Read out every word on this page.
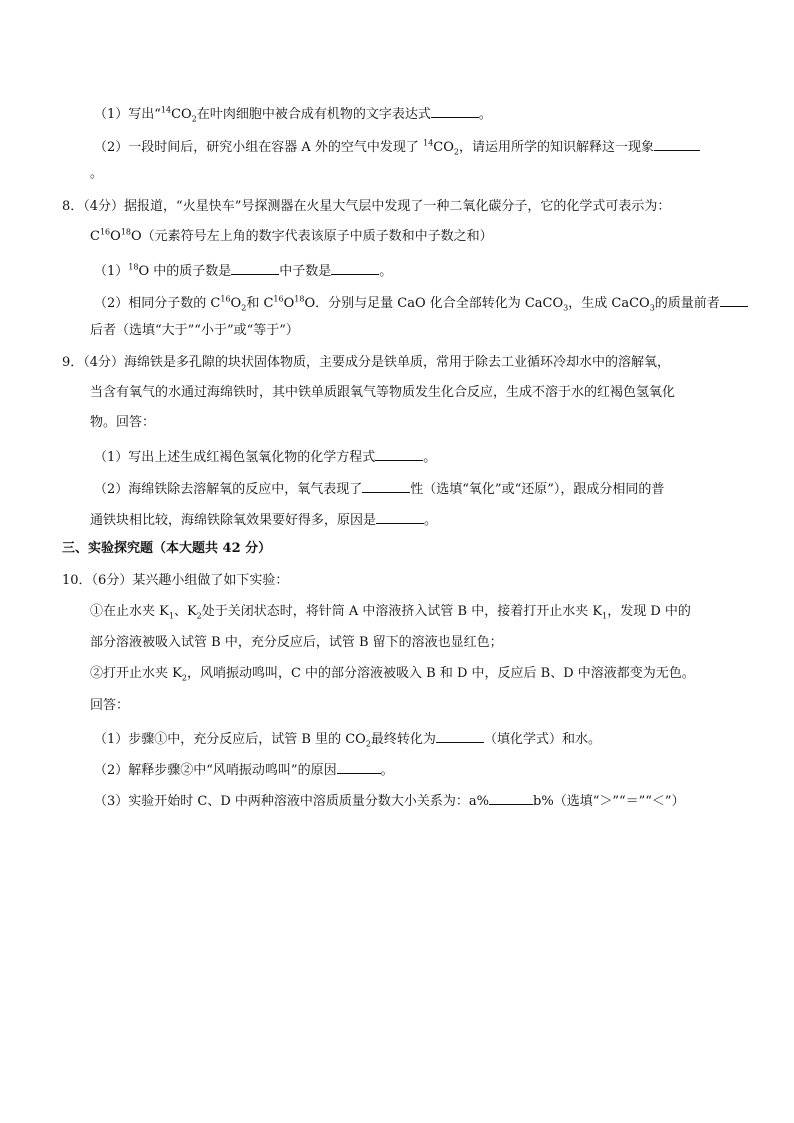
（1）写出“$^{14}CO_2$在叶肉细胞中被合成有机物的文字表达式	。
（2）一段时间后，研究小组在容器 A 外的空气中发现了 $^{14}CO_2$，请运用所学的知识解释这一现象
。
8．（4分）据报道，“火星快车”号探测器在火星大气层中发现了一种二氧化碳分子，它的化学式可表示为：
$C^{16}O^{18}O$（元素符号左上角的数字代表该原子中质子数和中子数之和）
$(1)^{18}O$ 中的质子数是	中子数是	。
（2）相同分子数的 $C^{16}O_2$和 $C^{16}O^{18}O$．分别与足量 CaO 化合全部转化为 CaCO$_3$，生成 CaCO$_3$的质量前者
后者（选填“大于”“小于”或“等于”）
9．（4分）海绵铁是多孔隙的块状固体物质，主要成分是铁单质，常用于除去工业循环冷却水中的溶解氧，
当含有氧气的水通过海绵铁时，其中铁单质跟氧气等物质发生化合反应，生成不溶于水的红褐色氢氧化
物。回答：
（1）写出上述生成红褐色氢氧化物的化学方程式	。
（2）海绵铁除去溶解氧的反应中，氧气表现了	性（选填“氧化”或“还原”），跟成分相同的普
通铁块相比较，海绵铁除氧效果要好得多，原因是	。
三、实验探究题（本大题共 42 分）
10．（6分）某兴趣小组做了如下实验：
①在止水夹 $K_1$、$K_2$处于关闭状态时，将针筒 A 中溶液挤入试管 B 中，接着打开止水夹 $K_1$，发现 D 中的
部分溶液被吸入试管 B 中，充分反应后，试管 B 留下的溶液也显红色；
②打开止水夹 $K_2$，风哨振动鸣叫，C 中的部分溶液被吸入 B 和 D 中，反应后 B、D 中溶液都变为无色。
回答：
（1）步骤①中，充分反应后，试管 B 里的 $CO_2$最终转化为	（填化学式）和水。
（2）解释步骤②中“风哨振动鸣叫”的原因	。
（3）实验开始时 C、D 中两种溶液中溶质质量分数大小关系为：a%	b%（选填“＞”“＝”“＜”）
